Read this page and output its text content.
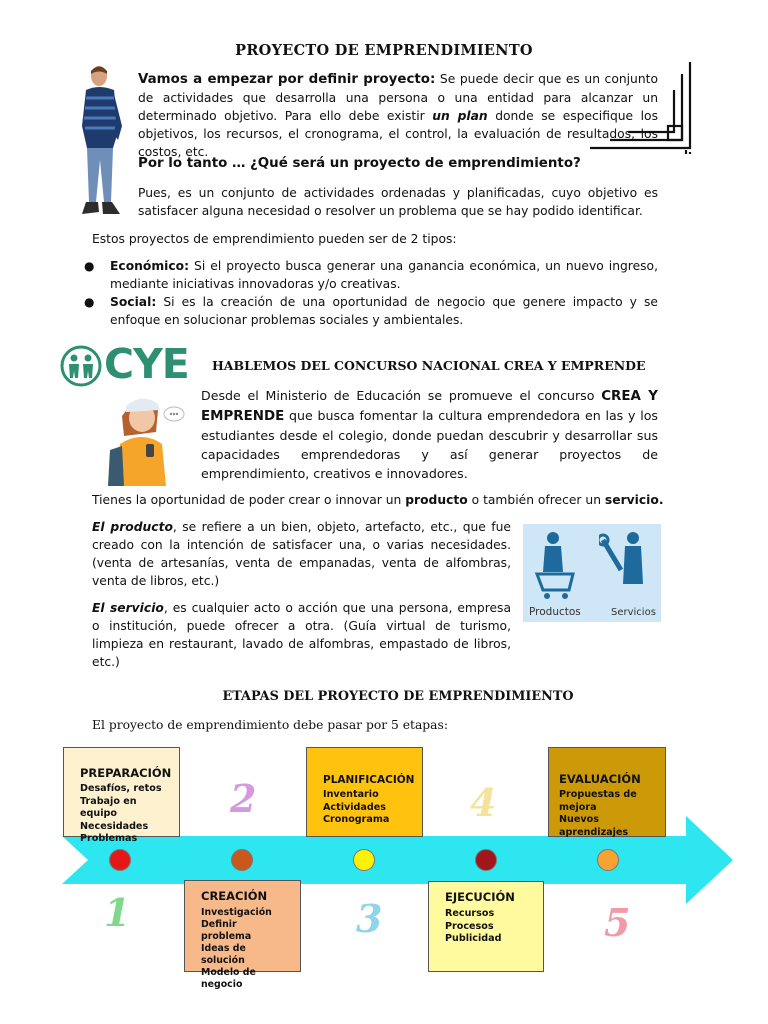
PROYECTO DE EMPRENDIMIENTO

Vamos a empezar por definir proyecto: Se puede decir que es un conjunto de actividades que desarrolla una persona o una entidad para alcanzar un determinado objetivo. Para ello debe existir un plan donde se especifique los objetivos, los recursos, el cronograma, el control, la evaluación de resultados, los costos, etc.

Por lo tanto … ¿Qué será un proyecto de emprendimiento?

Pues, es un conjunto de actividades ordenadas y planificadas, cuyo objetivo es satisfacer alguna necesidad o resolver un problema que se hay podido identificar.

Estos proyectos de emprendimiento pueden ser de 2 tipos:
● Económico: Si el proyecto busca generar una ganancia económica, un nuevo ingreso, mediante iniciativas innovadoras y/o creativas.
● Social: Si es la creación de una oportunidad de negocio que genere impacto y se enfoque en solucionar problemas sociales y ambientales.
CYE HABLEMOS DEL CONCURSO NACIONAL CREA Y EMPRENDE

Desde el Ministerio de Educación se promueve el concurso CREA Y EMPRENDE que busca fomentar la cultura emprendedora en las y los estudiantes desde el colegio, donde puedan descubrir y desarrollar sus capacidades emprendedoras y así generar proyectos de emprendimiento, creativos e innovadores.

Tienes la oportunidad de poder crear o innovar un producto o también ofrecer un servicio.

El producto, se refiere a un bien, objeto, artefacto, etc., que fue creado con la intención de satisfacer una, o varias necesidades. (venta de artesanías, venta de empanadas, venta de alfombras, venta de libros, etc.)

El servicio, es cualquier acto o acción que una persona, empresa o institución, puede ofrecer a otra. (Guía virtual de turismo, limpieza en restaurant, lavado de alfombras, empastado de libros, etc.)

Productos	Servicios
ETAPAS DEL PROYECTO DE EMPRENDIMIENTO
El proyecto de emprendimiento debe pasar por 5 etapas:
PREPARACIÓN
Desafíos, retos
Trabajo en equipo
Necesidades
Problemas
1	CREACIÓN
Investigación
Definir problema
Ideas de solución
Modelo de negocio
2	PLANIFICACIÓN
Inventario
Actividades
Cronograma
3	EJECUCIÓN
Recursos
Procesos
Publicidad
4
EVALUACIÓN
Propuestas de mejora
Nuevos aprendizajes
5
